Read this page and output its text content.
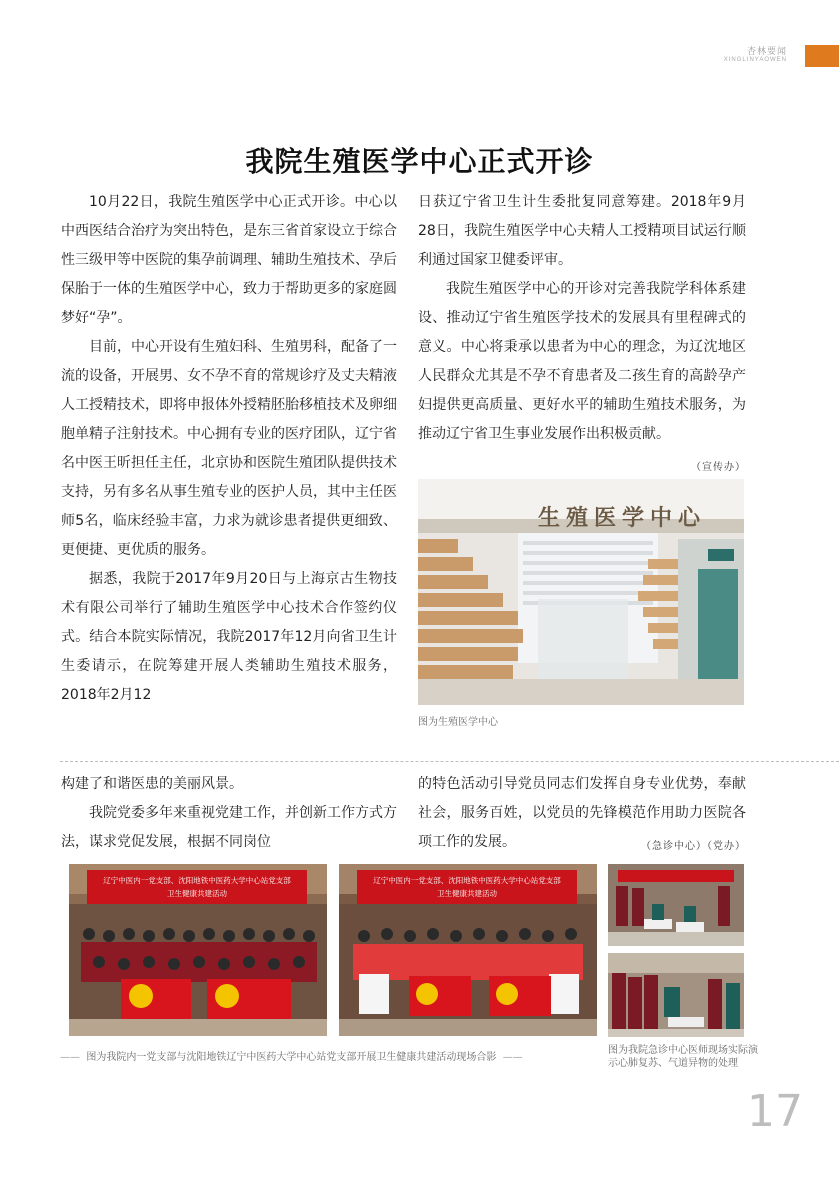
杏林要闻
XINGLINYAOWEN
我院生殖医学中心正式开诊

10月22日，我院生殖医学中心正式开诊。中心以中西医结合治疗为突出特色，是东三省首家设立于综合性三级甲等中医院的集孕前调理、辅助生殖技术、孕后保胎于一体的生殖医学中心，致力于帮助更多的家庭圆梦好“孕”。

目前，中心开设有生殖妇科、生殖男科，配备了一流的设备，开展男、女不孕不育的常规诊疗及丈夫精液人工授精技术，即将申报体外授精胚胎移植技术及卵细胞单精子注射技术。中心拥有专业的医疗团队，辽宁省名中医王昕担任主任，北京协和医院生殖团队提供技术支持，另有多名从事生殖专业的医护人员，其中主任医师5名，临床经验丰富，力求为就诊患者提供更细致、更便捷、更优质的服务。

据悉，我院于2017年9月20日与上海京古生物技术有限公司举行了辅助生殖医学中心技术合作签约仪式。结合本院实际情况，我院2017年12月向省卫生计生委请示，在院筹建开展人类辅助生殖技术服务，2018年2月12

日获辽宁省卫生计生委批复同意筹建。2018年9月28日，我院生殖医学中心夫精人工授精项目试运行顺利通过国家卫健委评审。

我院生殖医学中心的开诊对完善我院学科体系建设、推动辽宁省生殖医学技术的发展具有里程碑式的意义。中心将秉承以患者为中心的理念，为辽沈地区人民群众尤其是不孕不育患者及二孩生育的高龄孕产妇提供更高质量、更好水平的辅助生殖技术服务，为推动辽宁省卫生事业发展作出积极贡献。
（宣传办）

生殖医学中心
图为生殖医学中心

构建了和谐医患的美丽风景。

我院党委多年来重视党建工作，并创新工作方式方法，谋求党促发展，根据不同岗位

的特色活动引导党员同志们发挥自身专业优势，奉献社会，服务百姓，以党员的先锋模范作用助力医院各项工作的发展。	（急诊中心）（党办）

辽宁中医内一党支部、沈阳地铁中医药大学中心站党支部
卫生健康共建活动
辽宁中医内一党支部、沈阳地铁中医药大学中心站党支部
卫生健康共建活动
—— 图为我院内一党支部与沈阳地铁辽宁中医药大学中心站党支部开展卫生健康共建活动现场合影 ——
图为我院急诊中心医师现场实际演示心肺复苏、气道异物的处理
17
